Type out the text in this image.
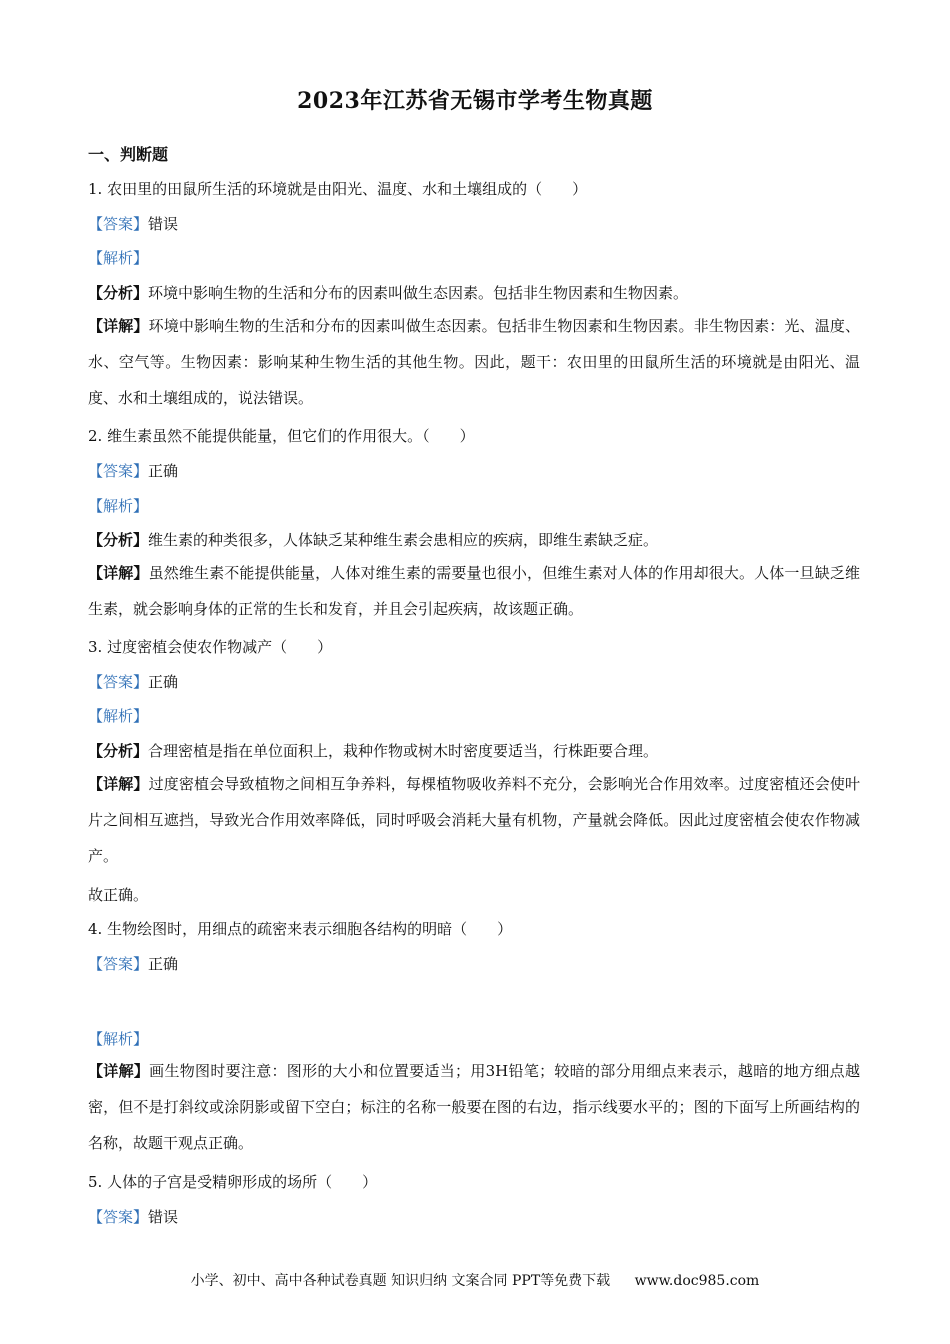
2023年江苏省无锡市学考生物真题
一、判断题
1. 农田里的田鼠所生活的环境就是由阳光、温度、水和土壤组成的（　　）
【答案】错误
【解析】
【分析】环境中影响生物的生活和分布的因素叫做生态因素。包括非生物因素和生物因素。
【详解】环境中影响生物的生活和分布的因素叫做生态因素。包括非生物因素和生物因素。非生物因素：光、温度、水、空气等。生物因素：影响某种生物生活的其他生物。因此，题干：农田里的田鼠所生活的环境就是由阳光、温度、水和土壤组成的，说法错误。
2. 维生素虽然不能提供能量，但它们的作用很大。（　　）
【答案】正确
【解析】
【分析】维生素的种类很多，人体缺乏某种维生素会患相应的疾病，即维生素缺乏症。
【详解】虽然维生素不能提供能量，人体对维生素的需要量也很小，但维生素对人体的作用却很大。人体一旦缺乏维生素，就会影响身体的正常的生长和发育，并且会引起疾病，故该题正确。
3. 过度密植会使农作物减产（　　）
【答案】正确
【解析】
【分析】合理密植是指在单位面积上，栽种作物或树木时密度要适当，行株距要合理。
【详解】过度密植会导致植物之间相互争养料，每棵植物吸收养料不充分，会影响光合作用效率。过度密植还会使叶片之间相互遮挡，导致光合作用效率降低，同时呼吸会消耗大量有机物，产量就会降低。因此过度密植会使农作物减产。
故正确。
4. 生物绘图时，用细点的疏密来表示细胞各结构的明暗（　　）
【答案】正确
【解析】
【详解】画生物图时要注意：图形的大小和位置要适当；用3H铅笔；较暗的部分用细点来表示，越暗的地方细点越密，但不是打斜纹或涂阴影或留下空白；标注的名称一般要在图的右边，指示线要水平的；图的下面写上所画结构的名称，故题干观点正确。
5. 人体的子宫是受精卵形成的场所（　　）
【答案】错误
小学、初中、高中各种试卷真题 知识归纳 文案合同 PPT等免费下载 www.doc985.com
